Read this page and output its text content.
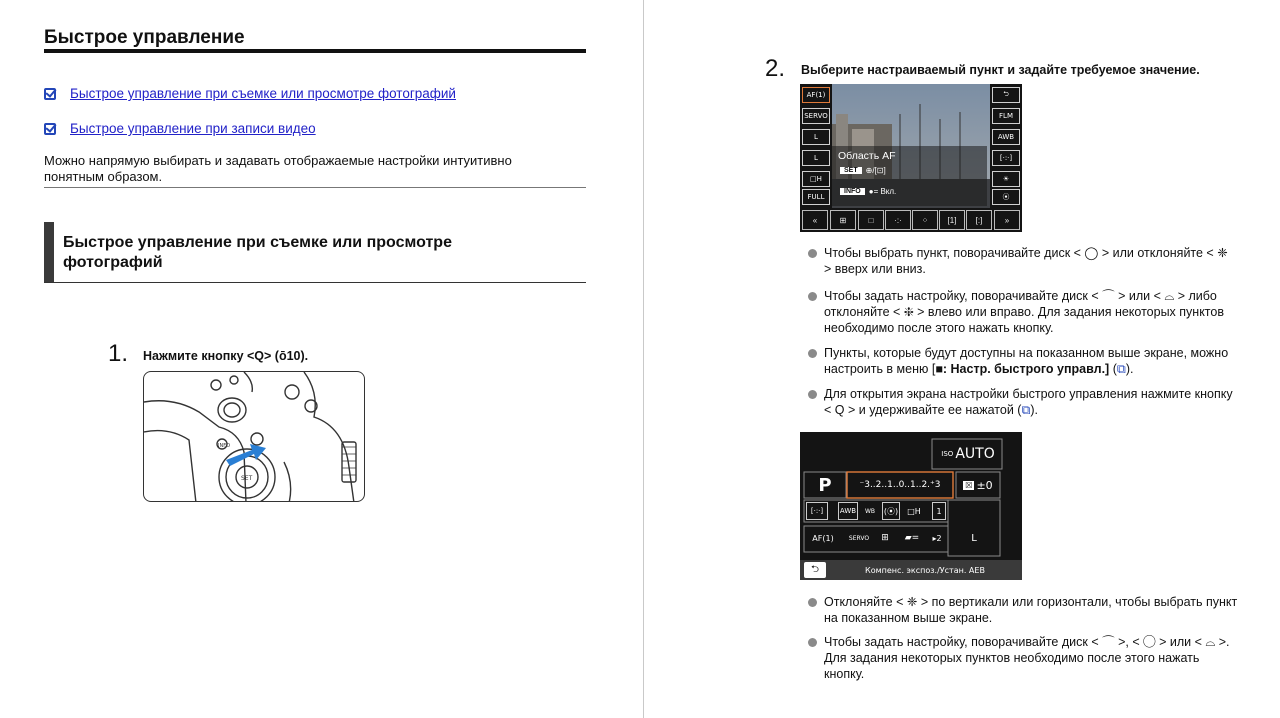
Быстрое управление
Быстрое управление при съемке или просмотре фотографий
Быстрое управление при записи видео
Можно напрямую выбирать и задавать отображаемые настройки интуитивно понятным образом.
Быстрое управление при съемке или просмотре фотографий
1. Нажмите кнопку <Q> (ō10).
SET
INFO
2. Выберите настраиваемый пункт и задайте требуемое значение.
AF(1)
SERVO
L
L
□H
FULL
⮌
FLM
AWB
[·:·]
☀
⦿
Область AF
SET	⊕/[⊡]
INFO	●= Вкл.
«	⊞	□	·:·	⁘	[1]	[:]	»
Чтобы выбрать пункт, поворачивайте диск < ◯ > или отклоняйте < ❈ > вверх или вниз.
Чтобы задать настройку, поворачивайте диск < ⌒ > или < ⌓ > либо отклоняйте < ❈ > влево или вправо. Для задания некоторых пунктов необходимо после этого нажать кнопку.
Пункты, которые будут доступны на показанном выше экране, можно настроить в меню [■: Настр. быстрого управл.] (⧉).
Для открытия экрана настройки быстрого управления нажмите кнопку < Q > и удерживайте ее нажатой (⧉).
ISO AUTO
P	⁻3..2..1..0..1..2.⁺3	☒ ±0
[·:·]	AWB	WB	(⦿)	□H	1
AF(1)	SERVO	⊞	▰=	▸2	L
⮌	Компенс. экспоз./Устан. AEB
Отклоняйте < ❈ > по вертикали или горизонтали, чтобы выбрать пункт на показанном выше экране.
Чтобы задать настройку, поворачивайте диск < ⌒ >, < ◯ > или < ⌓ >. Для задания некоторых пунктов необходимо после этого нажать кнопку.
